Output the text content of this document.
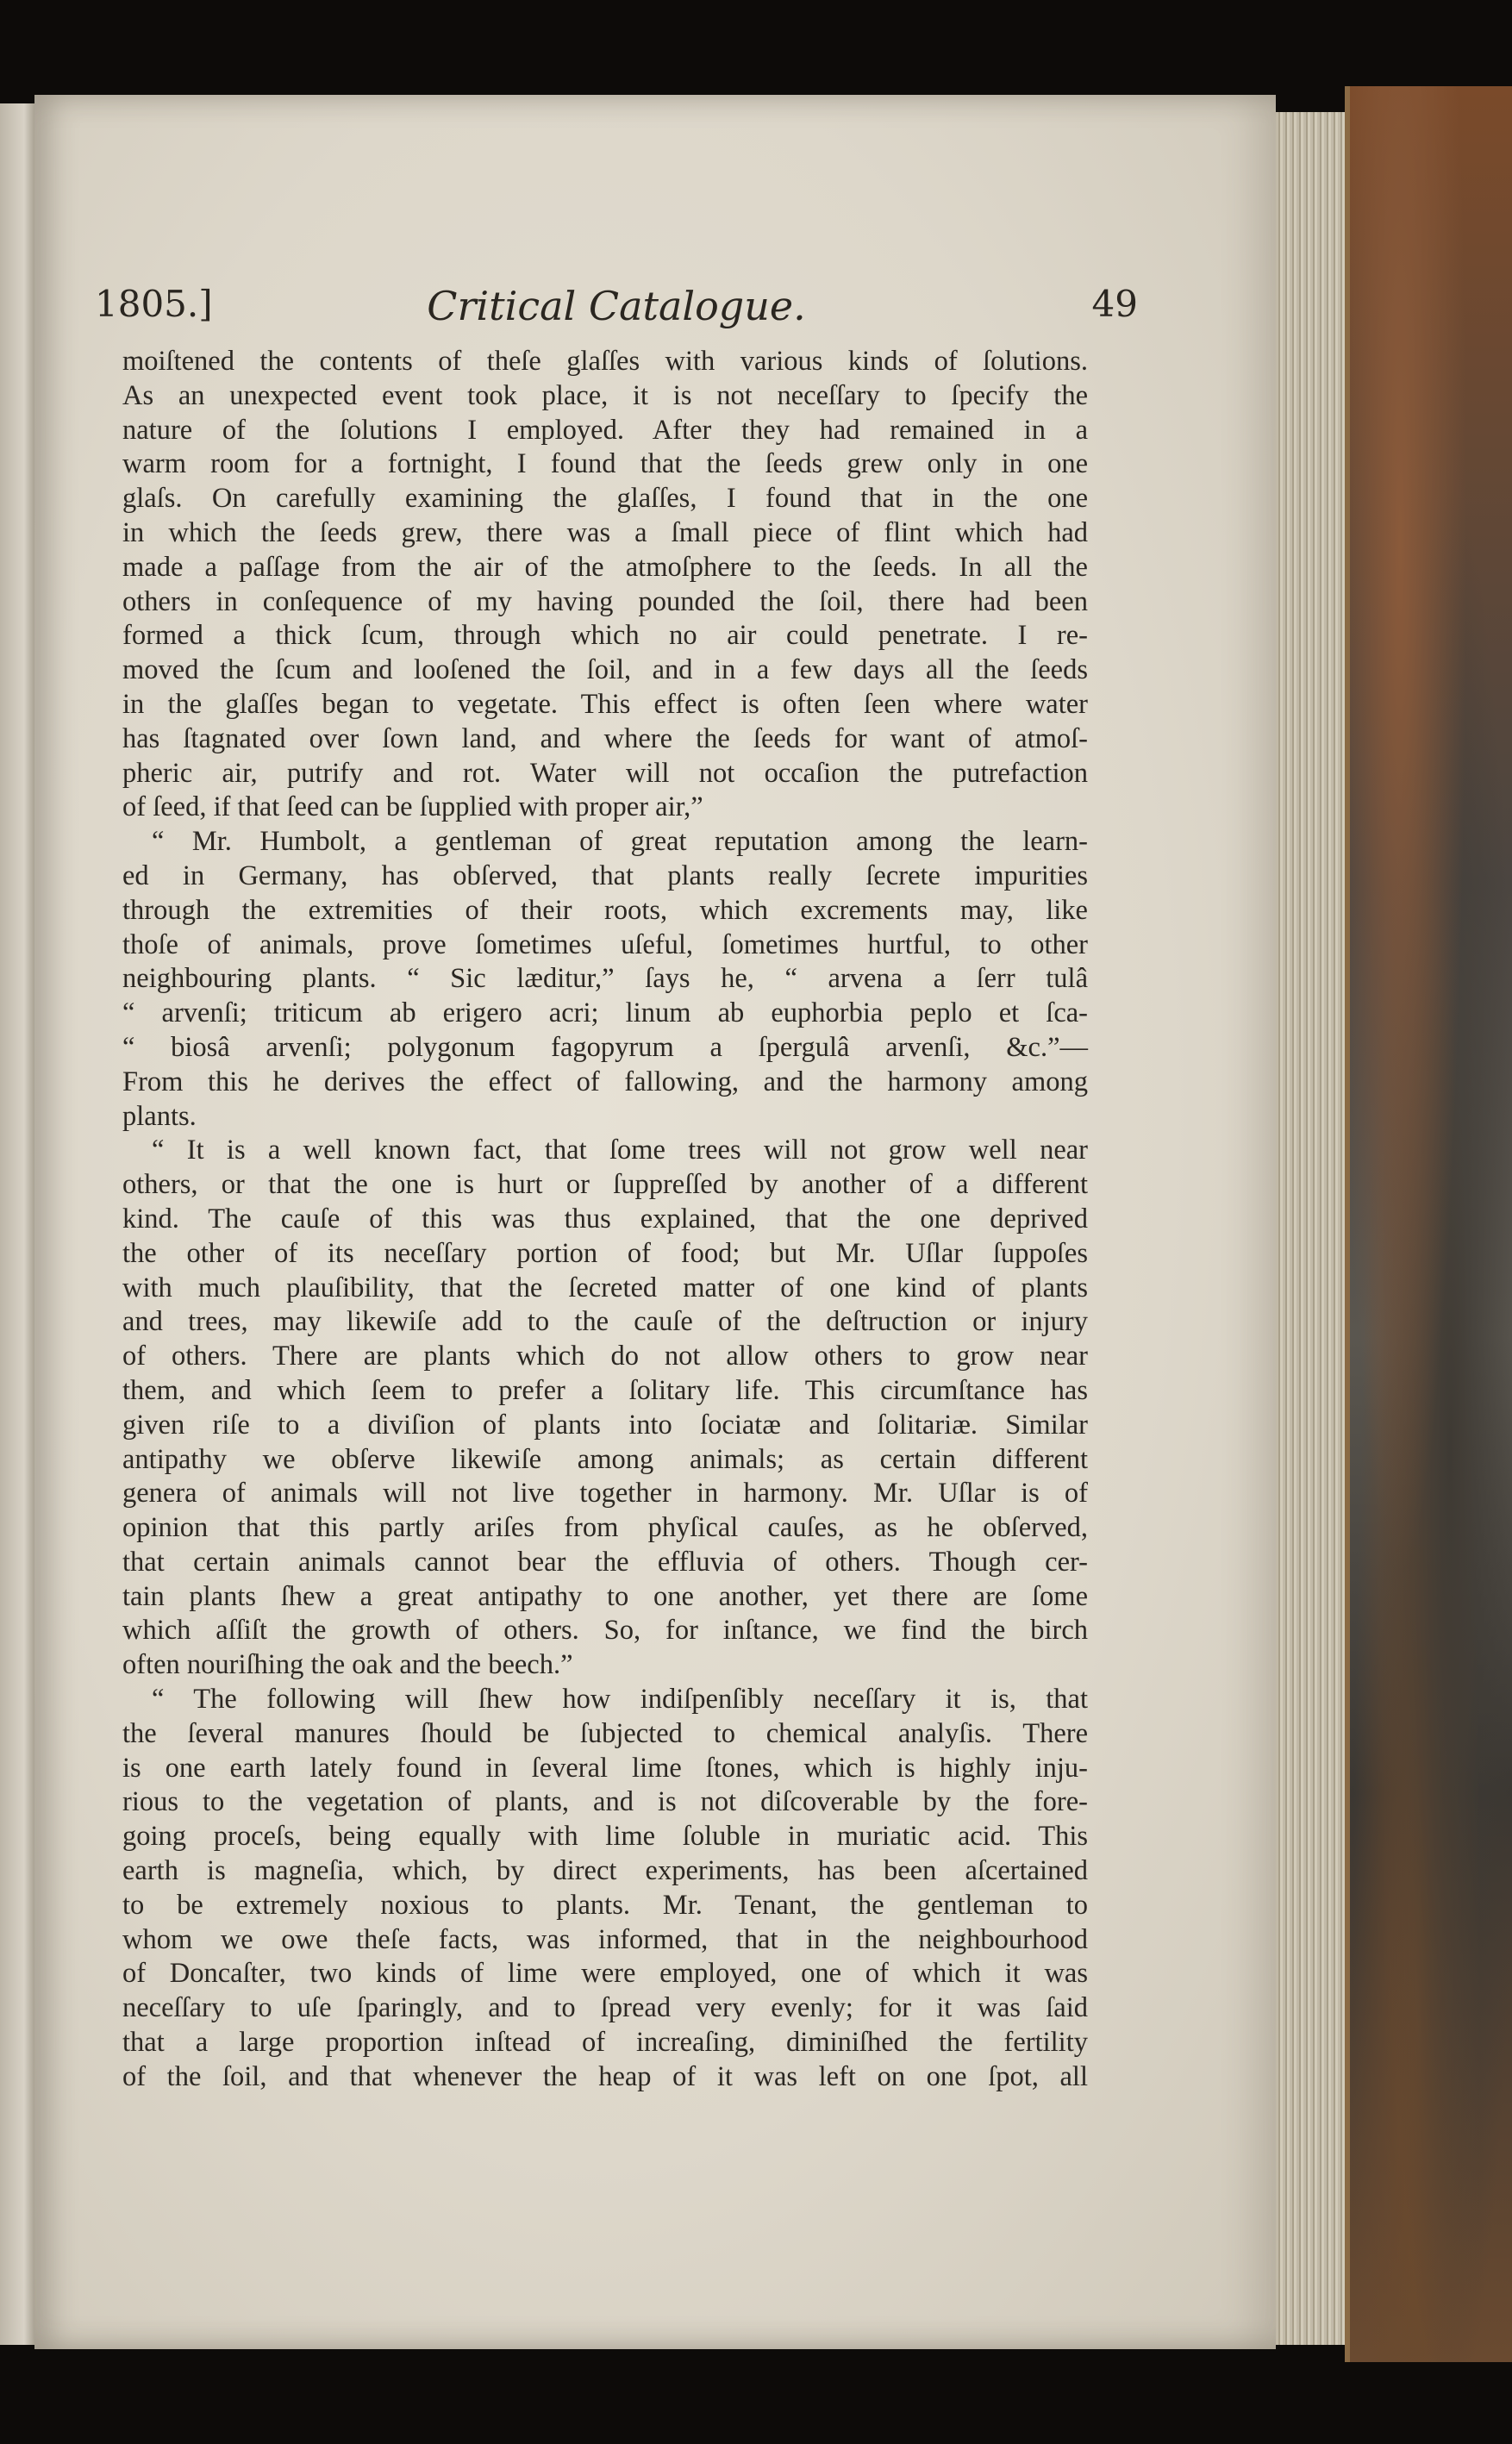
1805.]	Critical Catalogue.	49
moiſtened the contents of theſe glaſſes with various kinds of ſolutions.
As an unexpected event took place, it is not neceſſary to ſpecify the
nature of the ſolutions I employed. After they had remained in a
warm room for a fortnight, I found that the ſeeds grew only in one
glaſs. On carefully examining the glaſſes, I found that in the one
in which the ſeeds grew, there was a ſmall piece of flint which had
made a paſſage from the air of the atmoſphere to the ſeeds. In all the
others in conſequence of my having pounded the ſoil, there had been
formed a thick ſcum, through which no air could penetrate. I re-
moved the ſcum and looſened the ſoil, and in a few days all the ſeeds
in the glaſſes began to vegetate. This effect is often ſeen where water
has ſtagnated over ſown land, and where the ſeeds for want of atmoſ-
pheric air, putrify and rot. Water will not occaſion the putrefaction
of ſeed, if that ſeed can be ſupplied with proper air,”
“ Mr. Humbolt, a gentleman of great reputation among the learn-
ed in Germany, has obſerved, that plants really ſecrete impurities
through the extremities of their roots, which excrements may, like
thoſe of animals, prove ſometimes uſeful, ſometimes hurtful, to other
neighbouring plants. “ Sic læditur,” ſays he, “ arvena a ſerr tulâ
“ arvenſi; triticum ab erigero acri; linum ab euphorbia peplo et ſca-
“ biosâ arvenſi; polygonum fagopyrum a ſpergulâ arvenſi, &c.”—
From this he derives the effect of fallowing, and the harmony among
plants.
“ It is a well known fact, that ſome trees will not grow well near
others, or that the one is hurt or ſuppreſſed by another of a different
kind. The cauſe of this was thus explained, that the one deprived
the other of its neceſſary portion of food; but Mr. Uſlar ſuppoſes
with much plauſibility, that the ſecreted matter of one kind of plants
and trees, may likewiſe add to the cauſe of the deſtruction or injury
of others. There are plants which do not allow others to grow near
them, and which ſeem to prefer a ſolitary life. This circumſtance has
given riſe to a diviſion of plants into ſociatæ and ſolitariæ. Similar
antipathy we obſerve likewiſe among animals; as certain different
genera of animals will not live together in harmony. Mr. Uſlar is of
opinion that this partly ariſes from phyſical cauſes, as he obſerved,
that certain animals cannot bear the effluvia of others. Though cer-
tain plants ſhew a great antipathy to one another, yet there are ſome
which aſſiſt the growth of others. So, for inſtance, we find the birch
often nouriſhing the oak and the beech.”
“ The following will ſhew how indiſpenſibly neceſſary it is, that
the ſeveral manures ſhould be ſubjected to chemical analyſis. There
is one earth lately found in ſeveral lime ſtones, which is highly inju-
rious to the vegetation of plants, and is not diſcoverable by the fore-
going proceſs, being equally with lime ſoluble in muriatic acid. This
earth is magneſia, which, by direct experiments, has been aſcertained
to be extremely noxious to plants. Mr. Tenant, the gentleman to
whom we owe theſe facts, was informed, that in the neighbourhood
of Doncaſter, two kinds of lime were employed, one of which it was
neceſſary to uſe ſparingly, and to ſpread very evenly; for it was ſaid
that a large proportion inſtead of increaſing, diminiſhed the fertility
of the ſoil, and that whenever the heap of it was left on one ſpot, all
